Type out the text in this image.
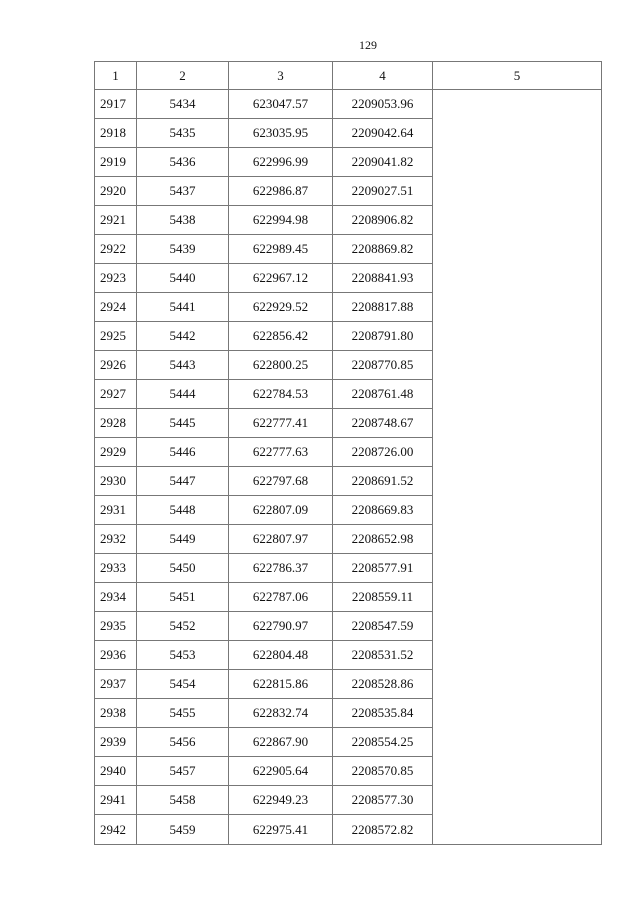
129
1	2	3	4	5
2917	5434	623047.57	2209053.96	
2918	5435	623035.95	2209042.64	
2919	5436	622996.99	2209041.82	
2920	5437	622986.87	2209027.51	
2921	5438	622994.98	2208906.82	
2922	5439	622989.45	2208869.82	
2923	5440	622967.12	2208841.93	
2924	5441	622929.52	2208817.88	
2925	5442	622856.42	2208791.80	
2926	5443	622800.25	2208770.85	
2927	5444	622784.53	2208761.48	
2928	5445	622777.41	2208748.67	
2929	5446	622777.63	2208726.00	
2930	5447	622797.68	2208691.52	
2931	5448	622807.09	2208669.83	
2932	5449	622807.97	2208652.98	
2933	5450	622786.37	2208577.91	
2934	5451	622787.06	2208559.11	
2935	5452	622790.97	2208547.59	
2936	5453	622804.48	2208531.52	
2937	5454	622815.86	2208528.86	
2938	5455	622832.74	2208535.84	
2939	5456	622867.90	2208554.25	
2940	5457	622905.64	2208570.85	
2941	5458	622949.23	2208577.30	
2942	5459	622975.41	2208572.82	
